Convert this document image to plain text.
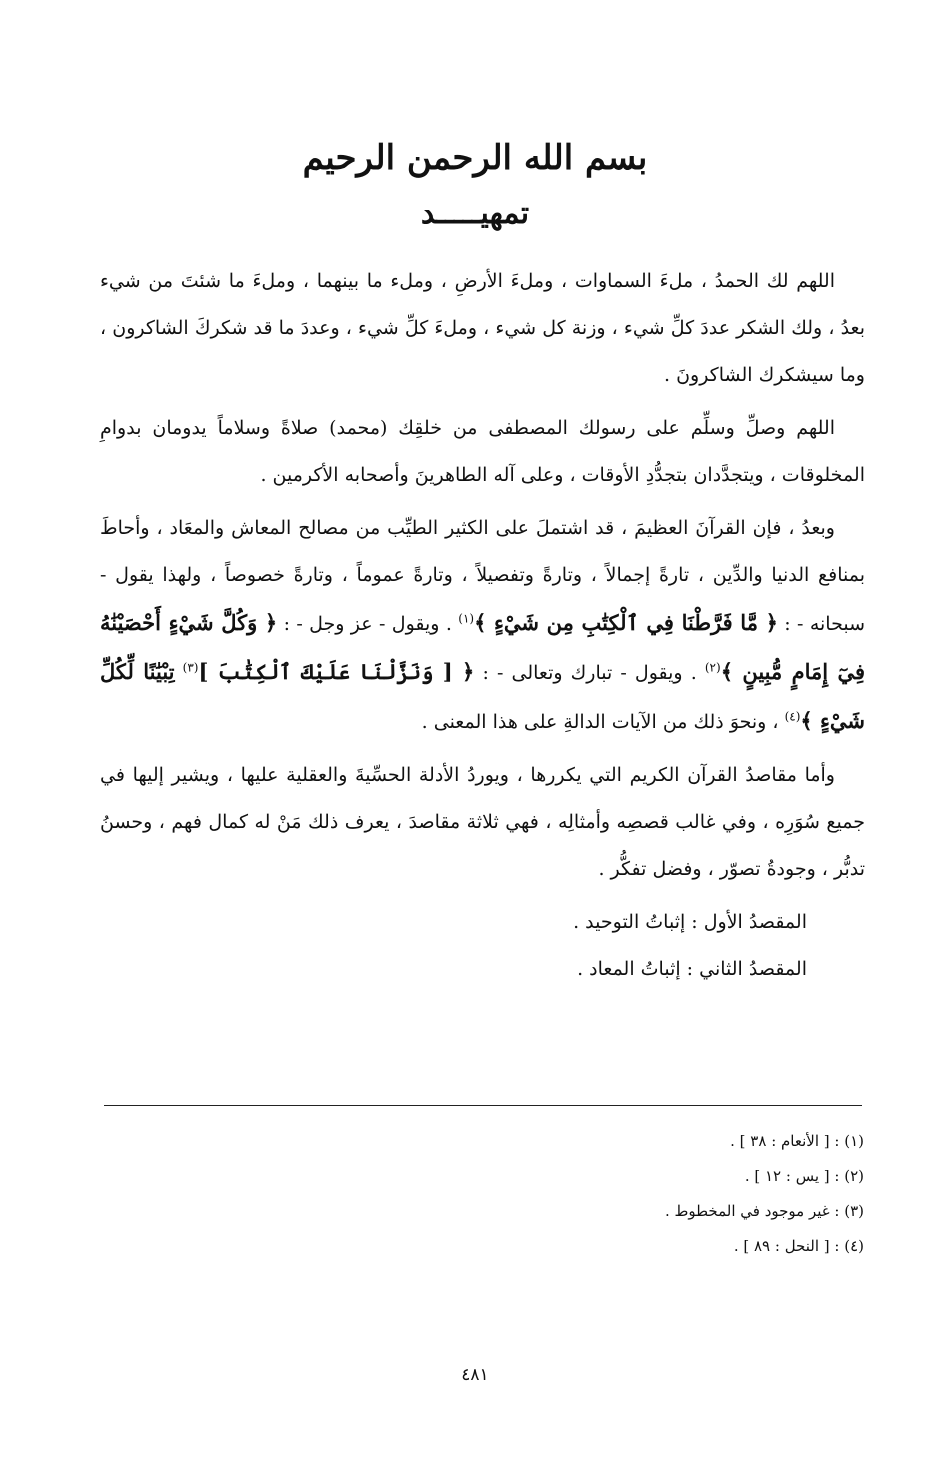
بسم الله الرحمن الرحيم
تمهيـــــد

اللهم لك الحمدُ ، ملءَ السماوات ، وملءَ الأرضِ ، وملء ما بينهما ، وملءَ ما شئتَ من شيء بعدُ ، ولك الشكر عددَ كلِّ شيء ، وزنة كل شيء ، وملءَ كلِّ شيء ، وعددَ ما قد شكركَ الشاكرون ، وما سيشكرك الشاكرونَ .

اللهم وصلِّ وسلِّم على رسولك المصطفى من خلقِك (محمد) صلاةً وسلاماً يدومان بدوامِ المخلوقات ، ويتجدَّدان بتجدُّدِ الأوقات ، وعلى آله الطاهرينَ وأصحابه الأكرمين .

وبعدُ ، فإن القرآنَ العظيمَ ، قد اشتملَ على الكثير الطيِّب من مصالح المعاش والمعَاد ، وأحاطَ بمنافع الدنيا والدِّين ، تارةً إجمالاً ، وتارةً وتفصيلاً ، وتارةً عموماً ، وتارةً خصوصاً ، ولهذا يقول - سبحانه - : ﴿ مَّا فَرَّطْنَا فِي ٱلْكِتَٰبِ مِن شَيْءٍ ﴾$^{(١)}$ . ويقول - عز وجل - : ﴿ وَكُلَّ شَيْءٍ أَحْصَيْنَٰهُ فِيٓ إِمَامٍ مُّبِينٍ ﴾$^{(٢)}$ . ويقول - تبارك وتعالى - : ﴿ [ وَنَزَّلْنَا عَلَيْكَ ٱلْكِتَٰبَ ]$^{(٣)}$ تِبْيَٰنًا لِّكُلِّ شَيْءٍ ﴾$^{(٤)}$ ، ونحوَ ذلك من الآيات الدالةِ على هذا المعنى .

وأما مقاصدُ القرآن الكريم التي يكررها ، ويوردُ الأدلة الحسِّيةَ والعقلية عليها ، ويشير إليها في جميع سُوَرِه ، وفي غالب قصصِه وأمثالِه ، فهي ثلاثة مقاصدَ ، يعرف ذلك مَنْ له كمال فهم ، وحسنُ تدبُّر ، وجودةُ تصوّر ، وفضل تفكُّر .

المقصدُ الأول : إثباتُ التوحيد .

المقصدُ الثاني : إثباتُ المعاد .

(١) : [ الأنعام : ٣٨ ] .
(٢) : [ يس : ١٢ ] .
(٣) : غير موجود في المخطوط .
(٤) : [ النحل : ٨٩ ] .
٤٨١
